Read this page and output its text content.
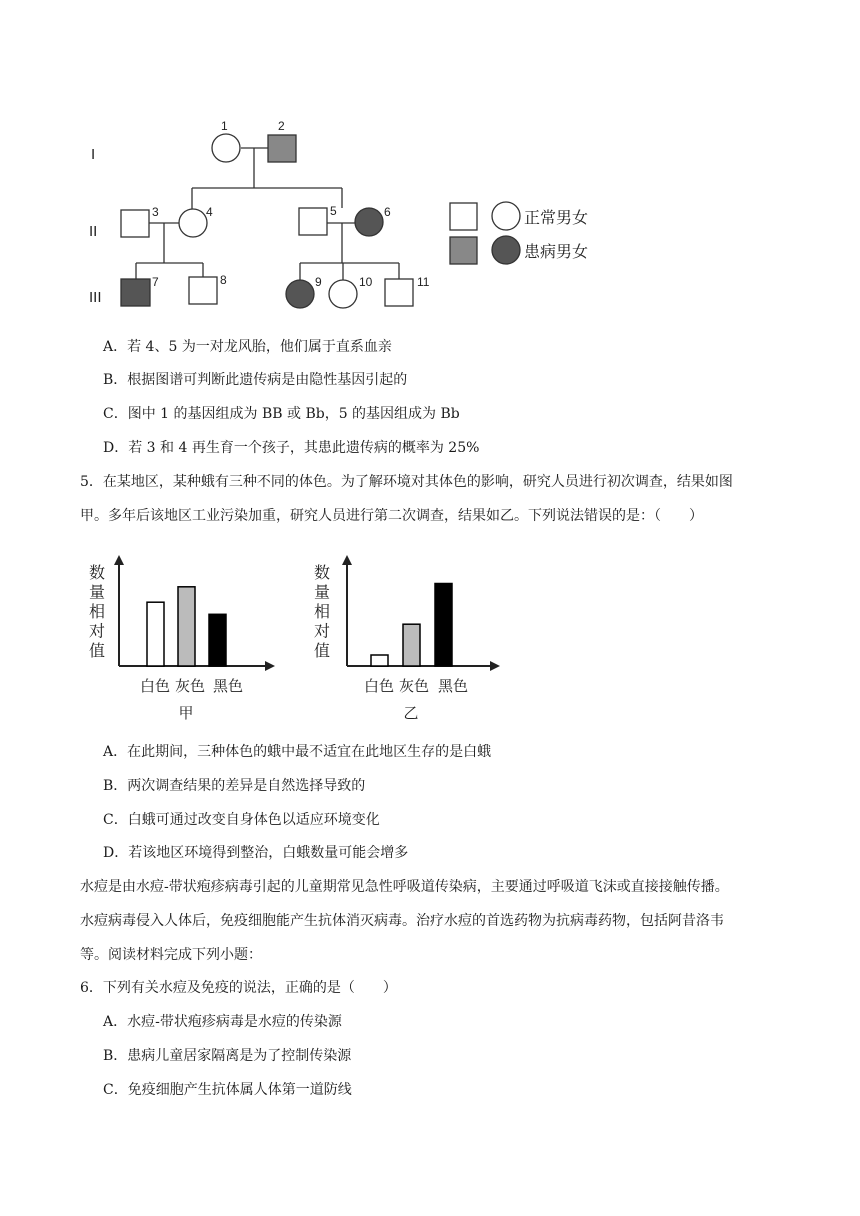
I
II
III
1	2
3	4	5	6
7	8	9	10	11
正常男女
患病男女
A．若 4、5 为一对龙风胎，他们属于直系血亲
B．根据图谱可判断此遗传病是由隐性基因引起的
C．图中 1 的基因组成为 BB 或 Bb，5 的基因组成为 Bb
D．若 3 和 4 再生育一个孩子，其患此遗传病的概率为 25%
5．在某地区，某种蛾有三种不同的体色。为了解环境对其体色的影响，研究人员进行初次调查，结果如图
甲。多年后该地区工业污染加重，研究人员进行第二次调查，结果如乙。下列说法错误的是：（　　）
数
量
相
对
值
白色 灰色 黑色
甲
数
量
相
对
值
白色 灰色 黑色
乙
A．在此期间，三种体色的蛾中最不适宜在此地区生存的是白蛾
B．两次调查结果的差异是自然选择导致的
C．白蛾可通过改变自身体色以适应环境变化
D．若该地区环境得到整治，白蛾数量可能会增多
水痘是由水痘-带状疱疹病毒引起的儿童期常见急性呼吸道传染病，主要通过呼吸道飞沫或直接接触传播。
水痘病毒侵入人体后，免疫细胞能产生抗体消灭病毒。治疗水痘的首选药物为抗病毒药物，包括阿昔洛韦
等。阅读材料完成下列小题：
6．下列有关水痘及免疫的说法，正确的是（　　）
A．水痘-带状疱疹病毒是水痘的传染源
B．患病儿童居家隔离是为了控制传染源
C．免疫细胞产生抗体属人体第一道防线
